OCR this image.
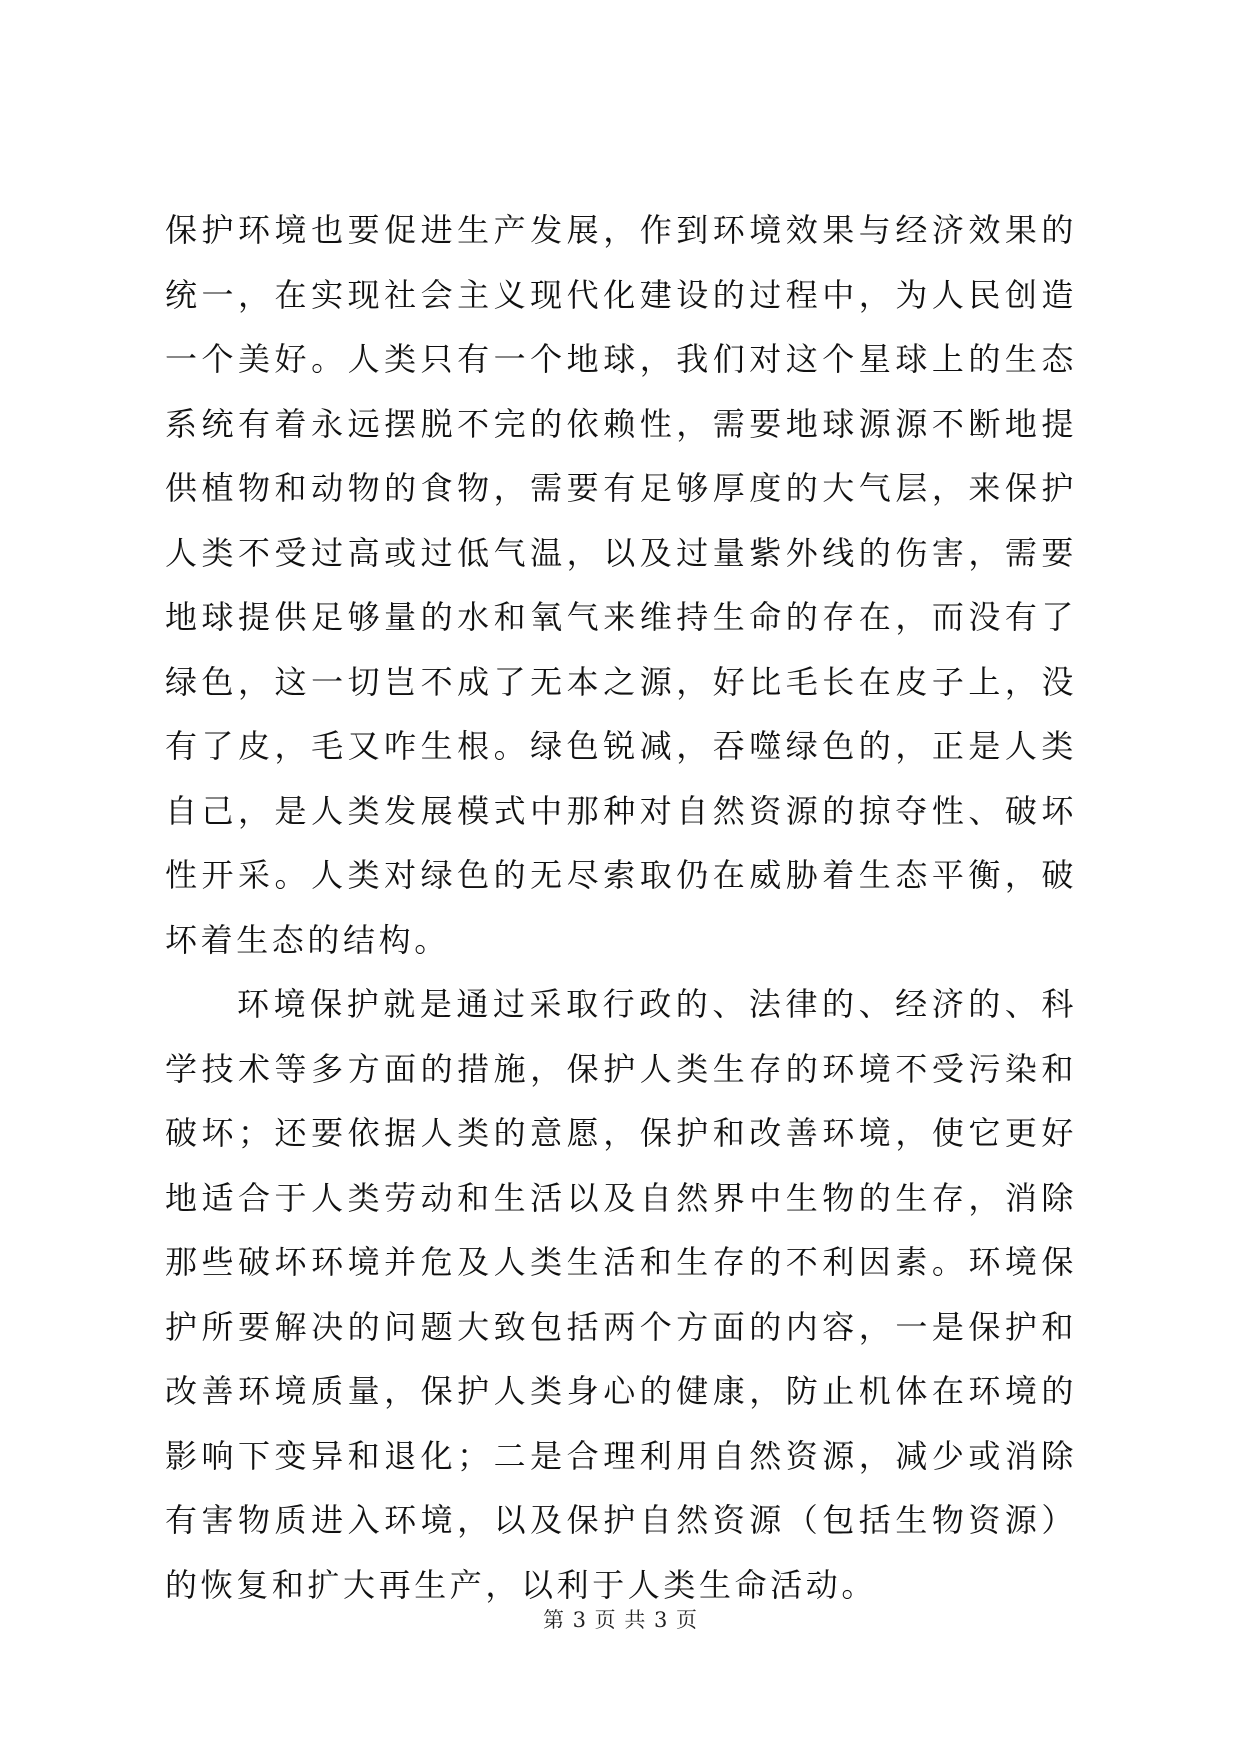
保护环境也要促进生产发展，作到环境效果与经济效果的统一，在实现社会主义现代化建设的过程中，为人民创造一个美好。人类只有一个地球，我们对这个星球上的生态系统有着永远摆脱不完的依赖性，需要地球源源不断地提供植物和动物的食物，需要有足够厚度的大气层，来保护人类不受过高或过低气温，以及过量紫外线的伤害，需要地球提供足够量的水和氧气来维持生命的存在，而没有了绿色，这一切岂不成了无本之源，好比毛长在皮子上，没有了皮，毛又咋生根。绿色锐减，吞噬绿色的，正是人类自己，是人类发展模式中那种对自然资源的掠夺性、破坏性开采。人类对绿色的无尽索取仍在威胁着生态平衡，破坏着生态的结构。

环境保护就是通过采取行政的、法律的、经济的、科学技术等多方面的措施，保护人类生存的环境不受污染和破坏；还要依据人类的意愿，保护和改善环境，使它更好地适合于人类劳动和生活以及自然界中生物的生存，消除那些破坏环境并危及人类生活和生存的不利因素。环境保护所要解决的问题大致包括两个方面的内容，一是保护和改善环境质量，保护人类身心的健康，防止机体在环境的影响下变异和退化；二是合理利用自然资源，减少或消除有害物质进入环境，以及保护自然资源（包括生物资源）的恢复和扩大再生产，以利于人类生命活动。

第 3 页 共 3 页
